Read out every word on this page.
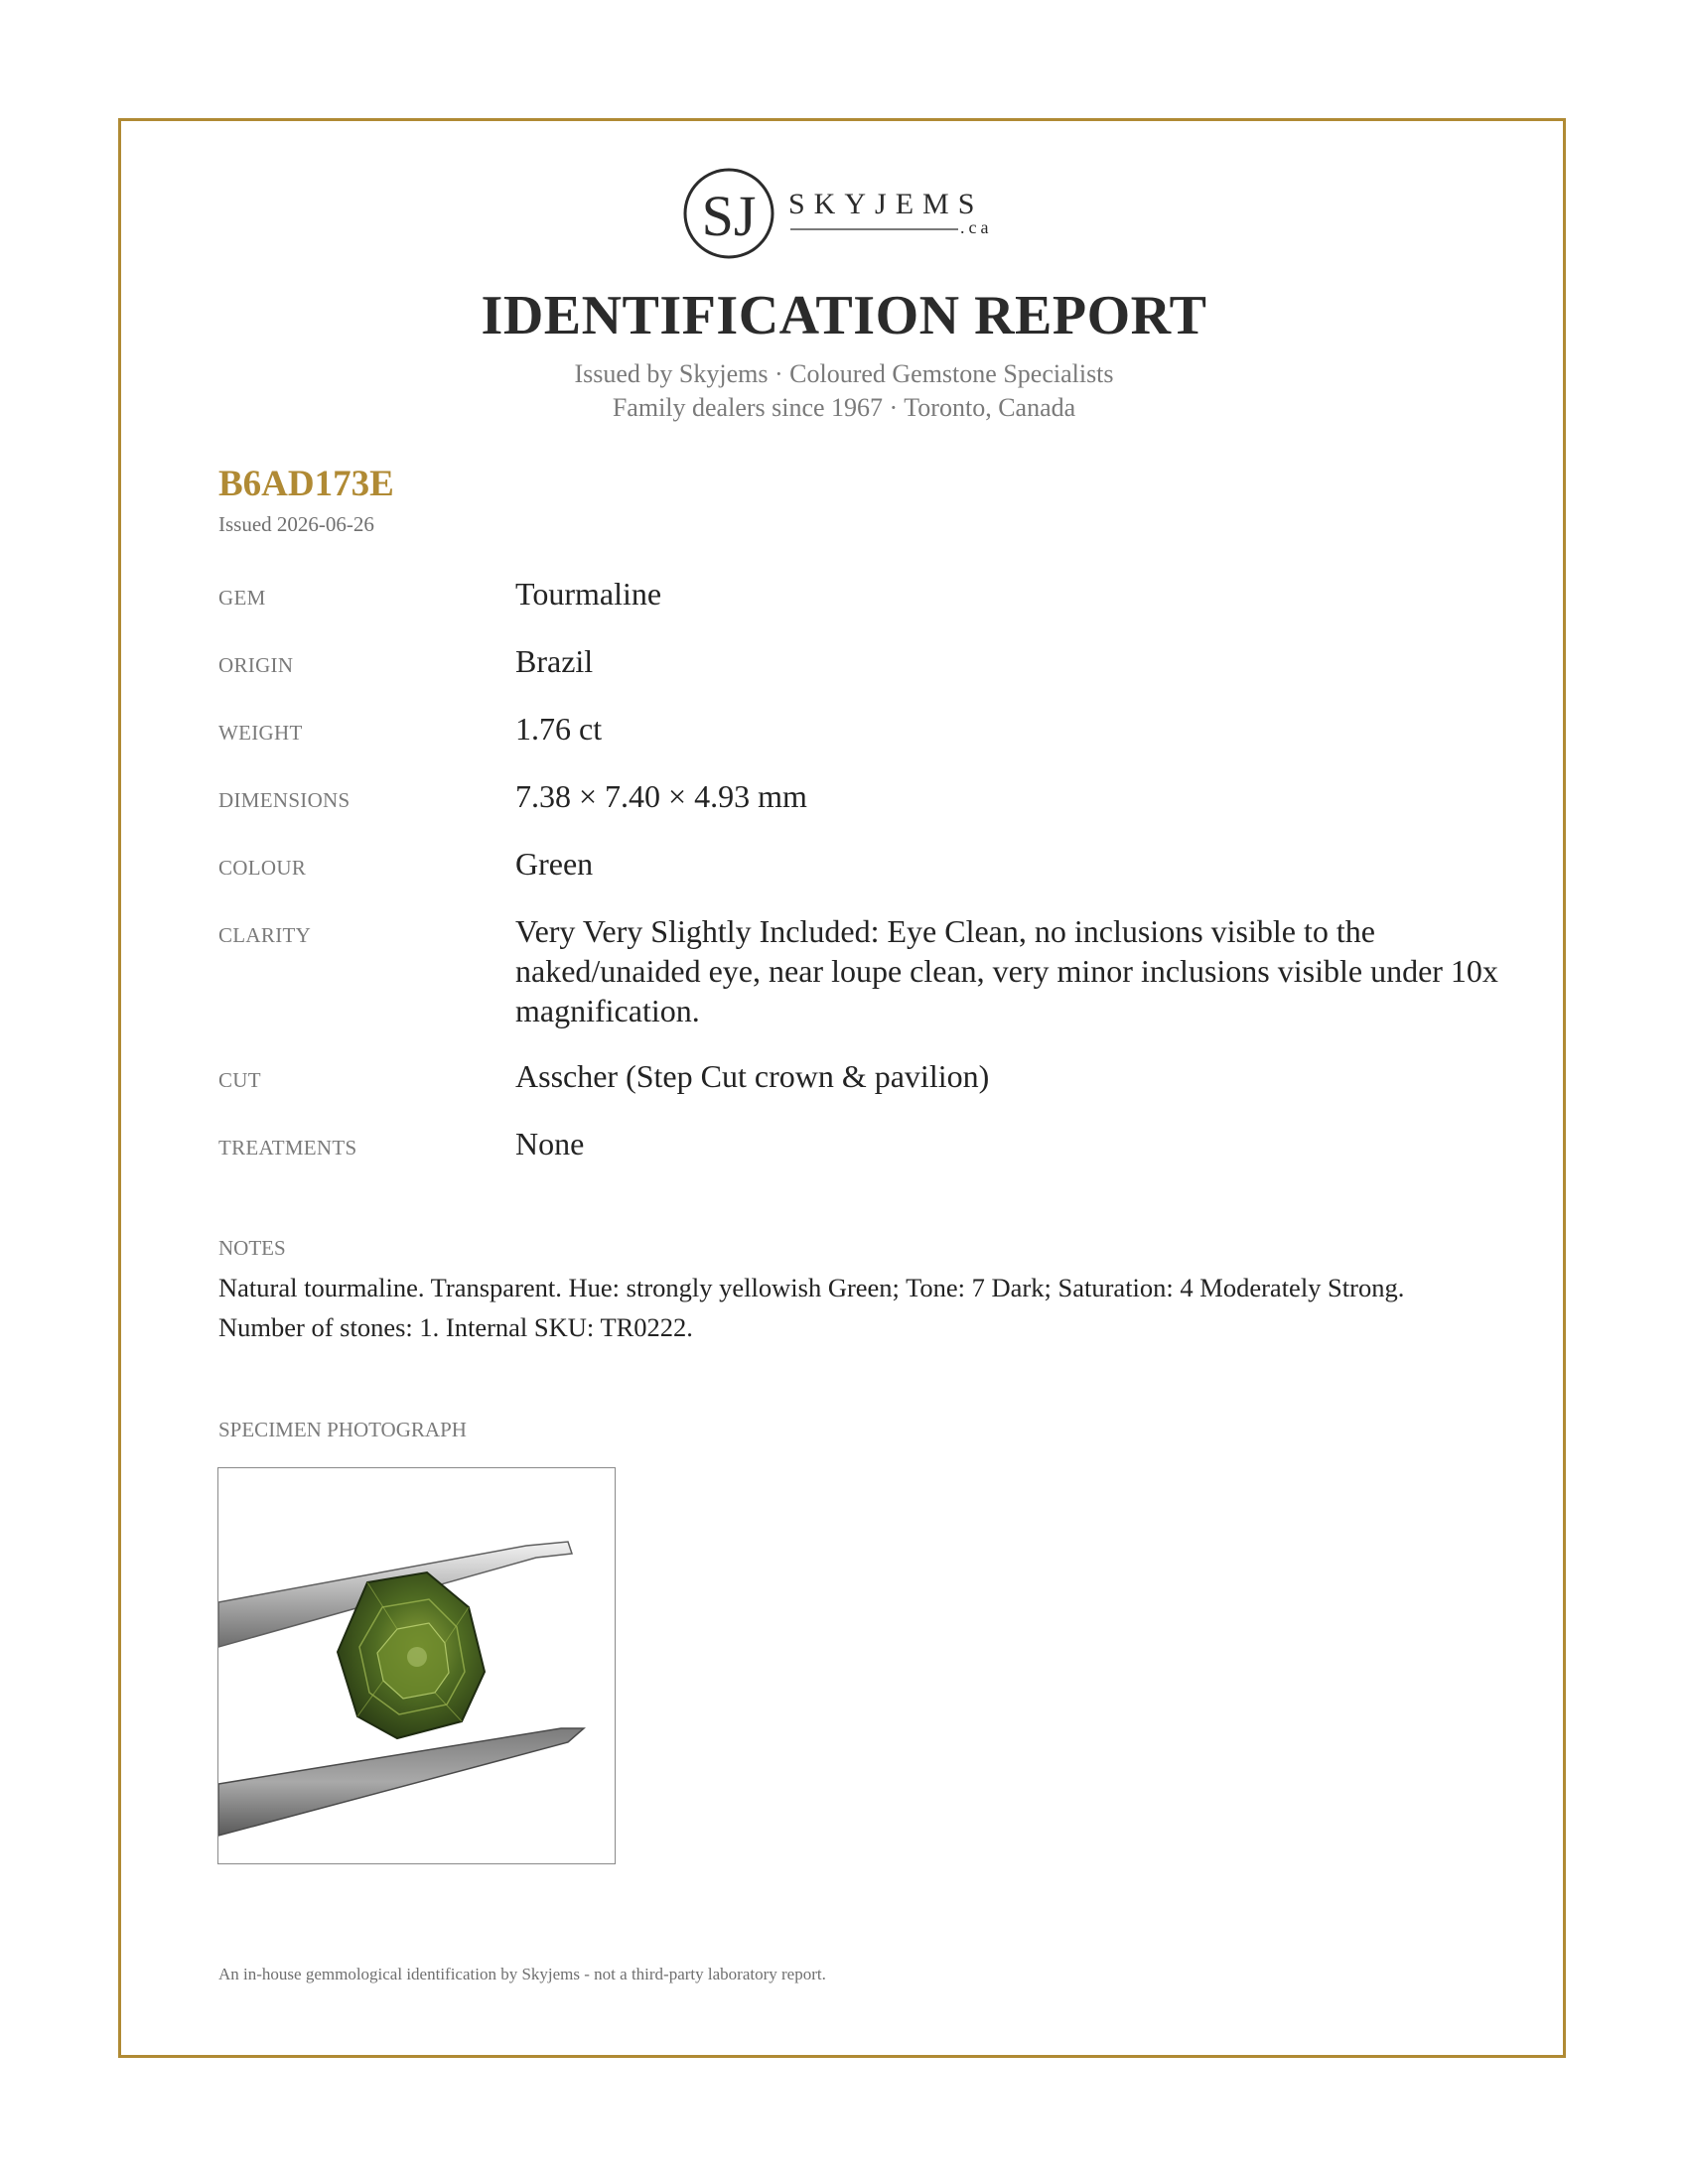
SJ SKYJEMS
.ca
IDENTIFICATION REPORT
Issued by Skyjems · Coloured Gemstone Specialists
Family dealers since 1967 · Toronto, Canada
B6AD173E
Issued 2026-06-26
GEM	Tourmaline
ORIGIN	Brazil
WEIGHT	1.76 ct
DIMENSIONS	7.38 × 7.40 × 4.93 mm
COLOUR	Green
CLARITY	Very Very Slightly Included: Eye Clean, no inclusions visible to the naked/unaided eye, near loupe clean, very minor inclusions visible under 10x magnification.
CUT	Asscher (Step Cut crown & pavilion)
TREATMENTS	None
NOTES
Natural tourmaline. Transparent. Hue: strongly yellowish Green; Tone: 7 Dark; Saturation: 4 Moderately Strong. Number of stones: 1. Internal SKU: TR0222.
SPECIMEN PHOTOGRAPH
An in-house gemmological identification by Skyjems - not a third-party laboratory report.
